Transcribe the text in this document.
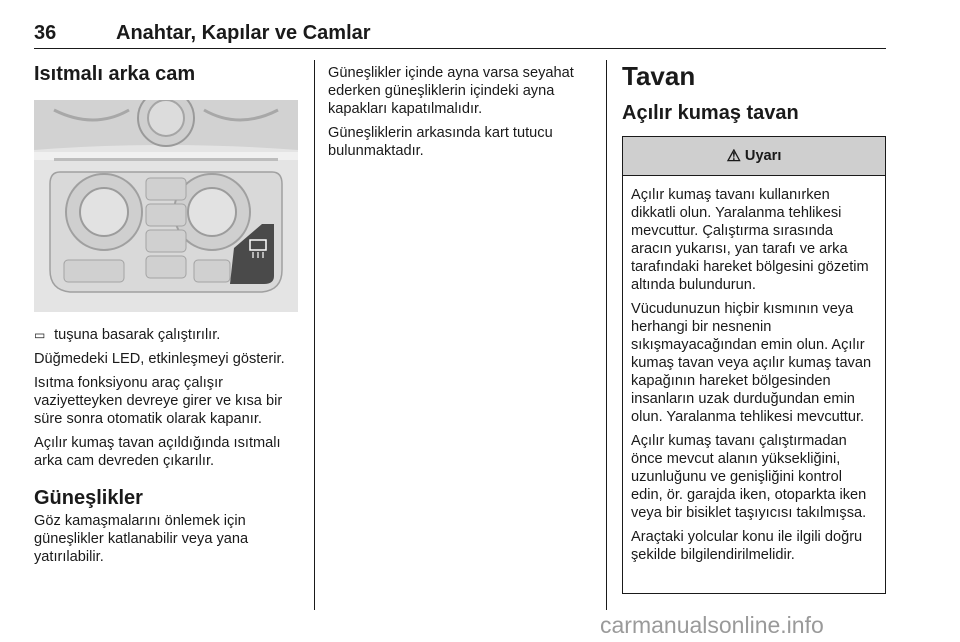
36	Anahtar, Kapılar ve Camlar
Isıtmalı arka cam

▭ tuşuna basarak çalıştırılır.

Düğmedeki LED, etkinleşmeyi gösterir.

Isıtma fonksiyonu araç çalışır vaziyetteyken devreye girer ve kısa bir süre sonra otomatik olarak kapanır.

Açılır kumaş tavan açıldığında ısıtmalı arka cam devreden çıkarılır.

Güneşlikler

Göz kamaşmalarını önlemek için güneşlikler katlanabilir veya yana yatırılabilir.

Güneşlikler içinde ayna varsa seyahat ederken güneşliklerin içindeki ayna kapakları kapatılmalıdır.

Güneşliklerin arkasında kart tutucu bulunmaktadır.

Tavan
Açılır kumaş tavan
⚠ Uyarı

Açılır kumaş tavanı kullanırken dikkatli olun. Yaralanma tehlikesi mevcuttur. Çalıştırma sırasında aracın yukarısı, yan tarafı ve arka tarafındaki hareket bölgesini gözetim altında bulundurun.

Vücudunuzun hiçbir kısmının veya herhangi bir nesnenin sıkışmayacağından emin olun. Açılır kumaş tavan veya açılır kumaş tavan kapağının hareket bölgesinden insanların uzak durduğundan emin olun. Yaralanma tehlikesi mevcuttur.

Açılır kumaş tavanı çalıştırmadan önce mevcut alanın yüksekliğini, uzunluğunu ve genişliğini kontrol edin, ör. garajda iken, otoparkta iken veya bir bisiklet taşıyıcısı takılmışsa.

Araçtaki yolcular konu ile ilgili doğru şekilde bilgilendirilmelidir.

carmanualsonline.info
